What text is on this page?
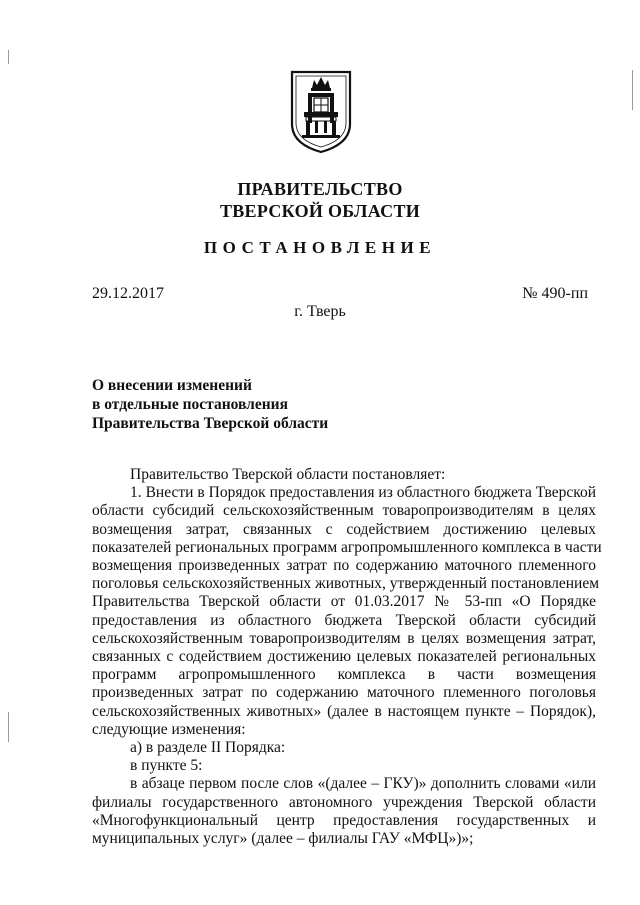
ПРАВИТЕЛЬСТВО
ТВЕРСКОЙ ОБЛАСТИ
ПОСТАНОВЛЕНИЕ
29.12.2017	№ 490-пп
г. Тверь
О внесении изменений
в отдельные постановления
Правительства Тверской области
Правительство Тверской области постановляет:
1. Внести в Порядок предоставления из областного бюджета Тверской
области субсидий сельскохозяйственным товаропроизводителям в целях
возмещения затрат, связанных с содействием достижению целевых
показателей региональных программ агропромышленного комплекса в части
возмещения произведенных затрат по содержанию маточного племенного
поголовья сельскохозяйственных животных, утвержденный постановлением
Правительства Тверской области от 01.03.2017 № 53-пп «О Порядке
предоставления из областного бюджета Тверской области субсидий
сельскохозяйственным товаропроизводителям в целях возмещения затрат,
связанных с содействием достижению целевых показателей региональных
программ агропромышленного комплекса в части возмещения
произведенных затрат по содержанию маточного племенного поголовья
сельскохозяйственных животных» (далее в настоящем пункте – Порядок),
следующие изменения:
а) в разделе II Порядка:
в пункте 5:
в абзаце первом после слов «(далее – ГКУ)» дополнить словами «или
филиалы государственного автономного учреждения Тверской области
«Многофункциональный центр предоставления государственных и
муниципальных услуг» (далее – филиалы ГАУ «МФЦ»)»;
